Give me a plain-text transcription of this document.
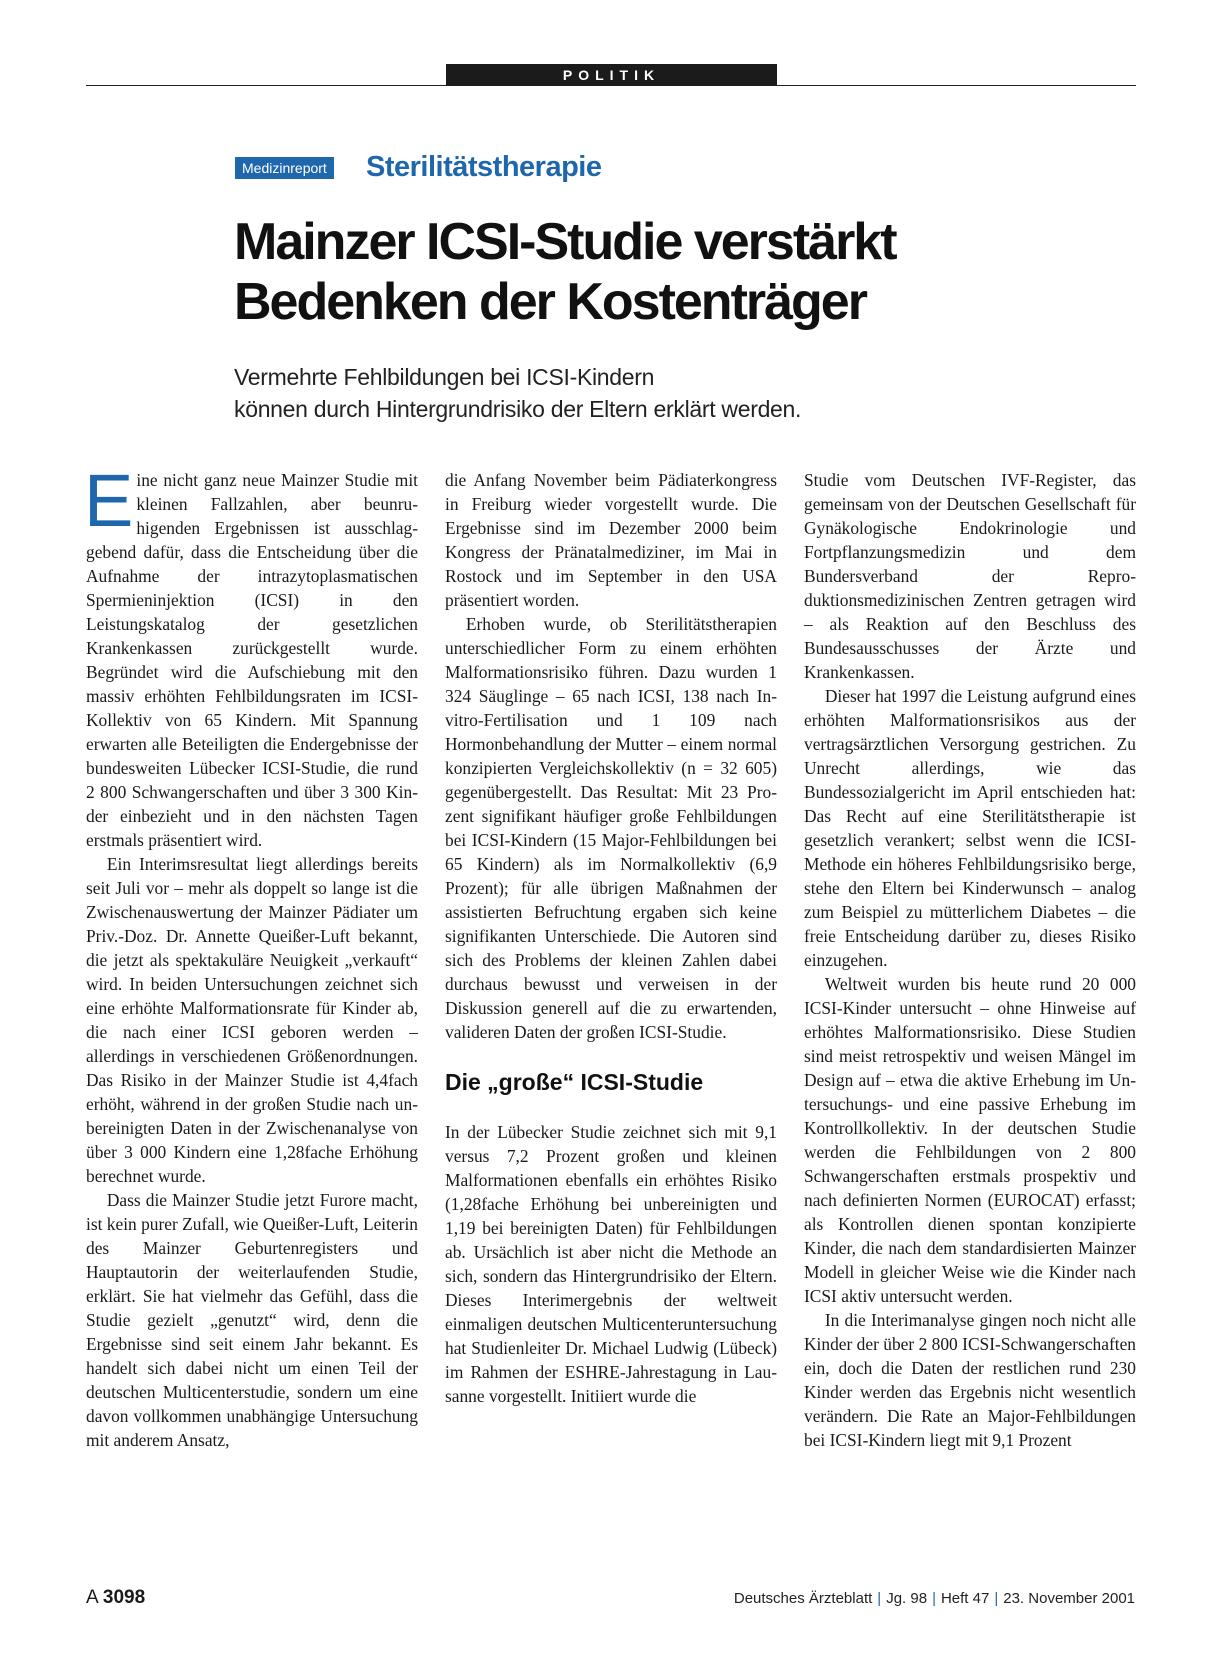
POLITIK
Medizinreport Sterilitätstherapie
Mainzer ICSI-Studie verstärkt
Bedenken der Kostenträger
Vermehrte Fehlbildungen bei ICSI-Kindern
können durch Hintergrundrisiko der Eltern erklärt werden.

Eine nicht ganz neue Mainzer Studie mit kleinen Fallzahlen, aber beunruhigenden Ergebnissen ist ausschlaggebend dafür, dass die Entscheidung über die Aufnahme der intrazytoplasmatischen Spermieninjektion (ICSI) in den Leistungskatalog der gesetzlichen Krankenkassen zurückgestellt wurde. Begründet wird die Aufschiebung mit den massiv erhöhten Fehlbildungsraten im ICSI-Kollektiv von 65 Kindern. Mit Spannung erwarten alle Beteiligten die Endergebnisse der bundesweiten Lübecker ICSI-Studie, die rund 2 800 Schwangerschaften und über 3 300 Kinder einbezieht und in den nächsten Tagen erstmals präsentiert wird.

Ein Interimsresultat liegt allerdings bereits seit Juli vor – mehr als doppelt so lange ist die Zwischenauswertung der Mainzer Pädiater um Priv.-Doz. Dr. Annette Queißer-Luft bekannt, die jetzt als spektakuläre Neuigkeit „verkauft“ wird. In beiden Untersuchungen zeichnet sich eine erhöhte Malformationsrate für Kinder ab, die nach einer ICSI geboren werden – allerdings in verschiedenen Größenordnungen. Das Risiko in der Mainzer Studie ist 4,4fach erhöht, während in der großen Studie nach unbereinigten Daten in der Zwischenanalyse von über 3 000 Kindern eine 1,28fache Erhöhung berechnet wurde.

Dass die Mainzer Studie jetzt Furore macht, ist kein purer Zufall, wie Queißer-Luft, Leiterin des Mainzer Geburtenregisters und Hauptautorin der weiterlaufenden Studie, erklärt. Sie hat vielmehr das Gefühl, dass die Studie gezielt „genutzt“ wird, denn die Ergebnisse sind seit einem Jahr bekannt. Es handelt sich dabei nicht um einen Teil der deutschen Multicenterstudie, sondern um eine davon vollkommen unabhängige Untersuchung mit anderem Ansatz,

die Anfang November beim Pädiaterkongress in Freiburg wieder vorgestellt wurde. Die Ergebnisse sind im Dezember 2000 beim Kongress der Pränatalmediziner, im Mai in Rostock und im September in den USA präsentiert worden.

Erhoben wurde, ob Sterilitätstherapien unterschiedlicher Form zu einem erhöhten Malformationsrisiko führen. Dazu wurden 1 324 Säuglinge – 65 nach ICSI, 138 nach In-vitro-Fertilisation und 1 109 nach Hormonbehandlung der Mutter – einem normal konzipierten Vergleichskollektiv (n = 32 605) gegenübergestellt. Das Resultat: Mit 23 Prozent signifikant häufiger große Fehlbildungen bei ICSI-Kindern (15 Major-Fehlbildungen bei 65 Kindern) als im Normalkollektiv (6,9 Prozent); für alle übrigen Maßnahmen der assistierten Befruchtung ergaben sich keine signifikanten Unterschiede. Die Autoren sind sich des Problems der kleinen Zahlen dabei durchaus bewusst und verweisen in der Diskussion generell auf die zu erwartenden, valideren Daten der großen ICSI-Studie.

Die „große“ ICSI-Studie

In der Lübecker Studie zeichnet sich mit 9,1 versus 7,2 Prozent großen und kleinen Malformationen ebenfalls ein erhöhtes Risiko (1,28fache Erhöhung bei unbereinigten und 1,19 bei bereinigten Daten) für Fehlbildungen ab. Ursächlich ist aber nicht die Methode an sich, sondern das Hintergrundrisiko der Eltern. Dieses Interimergebnis der weltweit einmaligen deutschen Multicenteruntersuchung hat Studienleiter Dr. Michael Ludwig (Lübeck) im Rahmen der ESHRE-Jahrestagung in Lausanne vorgestellt. Initiiert wurde die

Studie vom Deutschen IVF-Register, das gemeinsam von der Deutschen Gesellschaft für Gynäkologische Endokrinologie und Fortpflanzungsmedizin und dem Bundersverband der Reproduktionsmedizinischen Zentren getragen wird – als Reaktion auf den Beschluss des Bundesausschusses der Ärzte und Krankenkassen.

Dieser hat 1997 die Leistung aufgrund eines erhöhten Malformationsrisikos aus der vertragsärztlichen Versorgung gestrichen. Zu Unrecht allerdings, wie das Bundessozialgericht im April entschieden hat: Das Recht auf eine Sterilitätstherapie ist gesetzlich verankert; selbst wenn die ICSI-Methode ein höheres Fehlbildungsrisiko berge, stehe den Eltern bei Kinderwunsch – analog zum Beispiel zu mütterlichem Diabetes – die freie Entscheidung darüber zu, dieses Risiko einzugehen.

Weltweit wurden bis heute rund 20 000 ICSI-Kinder untersucht – ohne Hinweise auf erhöhtes Malformationsrisiko. Diese Studien sind meist retrospektiv und weisen Mängel im Design auf – etwa die aktive Erhebung im Untersuchungs- und eine passive Erhebung im Kontrollkollektiv. In der deutschen Studie werden die Fehlbildungen von 2 800 Schwangerschaften erstmals prospektiv und nach definierten Normen (EUROCAT) erfasst; als Kontrollen dienen spontan konzipierte Kinder, die nach dem standardisierten Mainzer Modell in gleicher Weise wie die Kinder nach ICSI aktiv untersucht werden.

In die Interimanalyse gingen noch nicht alle Kinder der über 2 800 ICSI-Schwangerschaften ein, doch die Daten der restlichen rund 230 Kinder werden das Ergebnis nicht wesentlich verändern. Die Rate an Major-Fehlbildungen bei ICSI-Kindern liegt mit 9,1 Prozent

A 3098	Deutsches Ärzteblatt | Jg. 98 | Heft 47 | 23. November 2001
